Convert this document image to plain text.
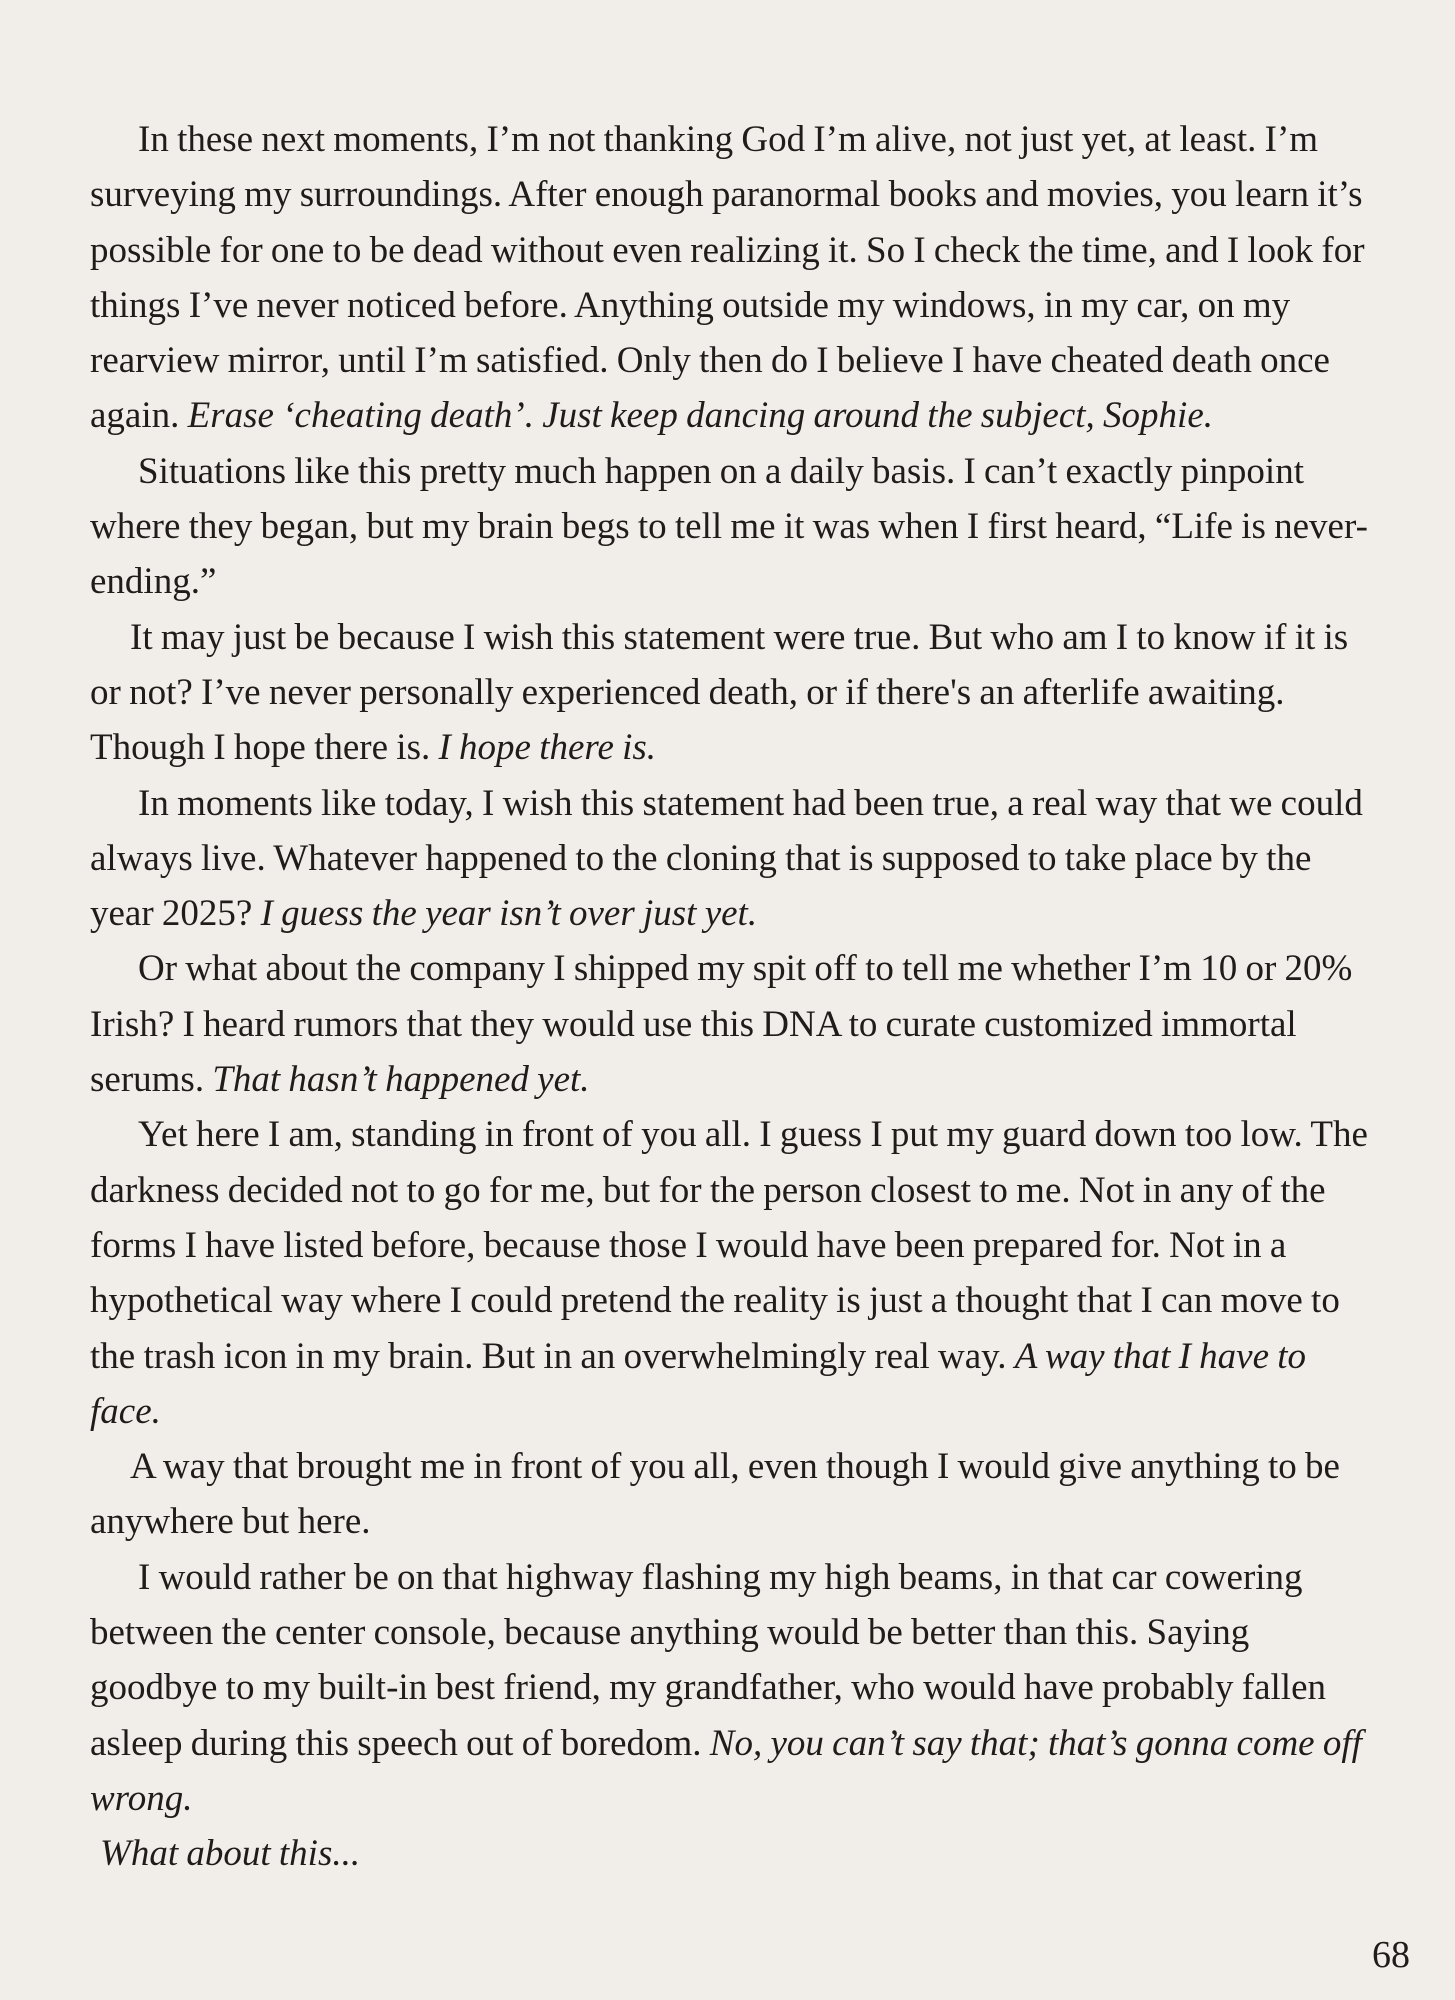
In these next moments, I’m not thanking God I’m alive, not just yet, at least. I’m surveying my surroundings. After enough paranormal books and movies, you learn it’s possible for one to be dead without even realizing it. So I check the time, and I look for things I’ve never noticed before. Anything outside my windows, in my car, on my rearview mirror, until I’m satisfied. Only then do I believe I have cheated death once again. Erase ‘cheating death’. Just keep dancing around the subject, Sophie.

Situations like this pretty much happen on a daily basis. I can’t exactly pinpoint where they began, but my brain begs to tell me it was when I first heard, “Life is never-ending.”

It may just be because I wish this statement were true. But who am I to know if it is or not? I’ve never personally experienced death, or if there's an afterlife awaiting. Though I hope there is. I hope there is.

In moments like today, I wish this statement had been true, a real way that we could always live. Whatever happened to the cloning that is supposed to take place by the year 2025? I guess the year isn’t over just yet.

Or what about the company I shipped my spit off to tell me whether I’m 10 or 20% Irish? I heard rumors that they would use this DNA to curate customized immortal serums. That hasn’t happened yet.

Yet here I am, standing in front of you all. I guess I put my guard down too low. The darkness decided not to go for me, but for the person closest to me. Not in any of the forms I have listed before, because those I would have been prepared for. Not in a hypothetical way where I could pretend the reality is just a thought that I can move to the trash icon in my brain. But in an overwhelmingly real way. A way that I have to face.

A way that brought me in front of you all, even though I would give anything to be anywhere but here.

I would rather be on that highway flashing my high beams, in that car cowering between the center console, because anything would be better than this. Saying goodbye to my built-in best friend, my grandfather, who would have probably fallen asleep during this speech out of boredom. No, you can’t say that; that’s gonna come off wrong.

What about this...

68
